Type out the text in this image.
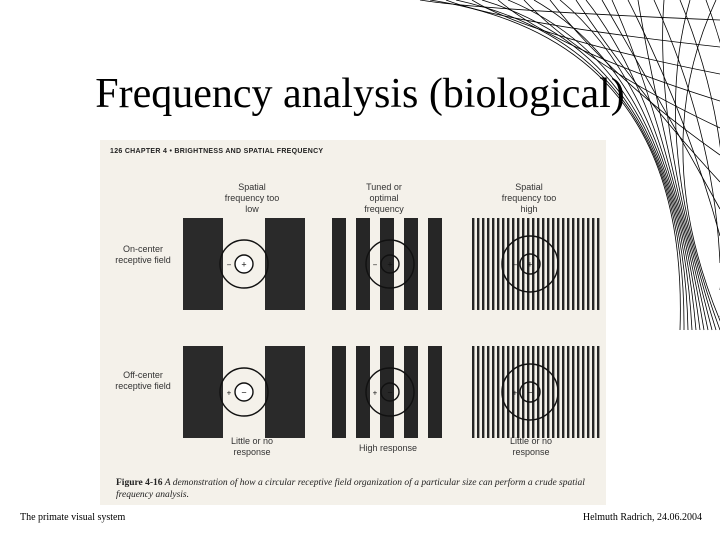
Frequency analysis (biological)
+
−	+
−	+
−
−
+	−
+	−
+
126 CHAPTER 4 • BRIGHTNESS AND SPATIAL FREQUENCY
Spatial frequency too low
Tuned or optimal frequency
Spatial frequency too high
On-center receptive field
Off-center receptive field
Little or no response	High response
Little or no response
Figure 4-16 A demonstration of how a circular receptive field organization of a particular size can perform a crude spatial frequency analysis.
The primate visual system	Helmuth Radrich, 24.06.2004
